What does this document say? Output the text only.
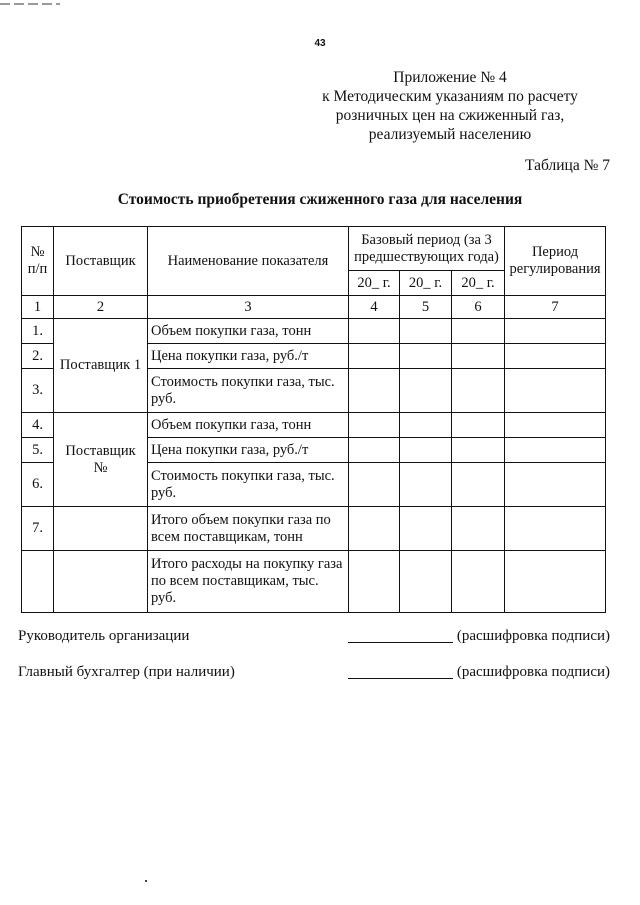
43
Приложение № 4
к Методическим указаниям по расчету
розничных цен на сжиженный газ,
реализуемый населению
Таблица № 7
Стоимость приобретения сжиженного газа для населения
№ п/п	Поставщик	Наименование показателя	Базовый период (за 3 предшествующих года)			Период регулирования
			20_ г.	20_ г.	20_ г.	
1	2	3	4	5	6	7
1.	Поставщик 1	Объем покупки газа, тонн				
2.		Цена покупки газа, руб./т				
3.		Стоимость покупки газа, тыс. руб.				
4.	Поставщик №	Объем покупки газа, тонн				
5.		Цена покупки газа, руб./т				
6.		Стоимость покупки газа, тыс. руб.				
7.		Итого объем покупки газа по всем поставщикам, тонн				
		Итого расходы на покупку газа по всем поставщикам, тыс. руб.				
Руководитель организации	(расшифровка подписи)
Главный бухгалтер (при наличии)	(расшифровка подписи)
